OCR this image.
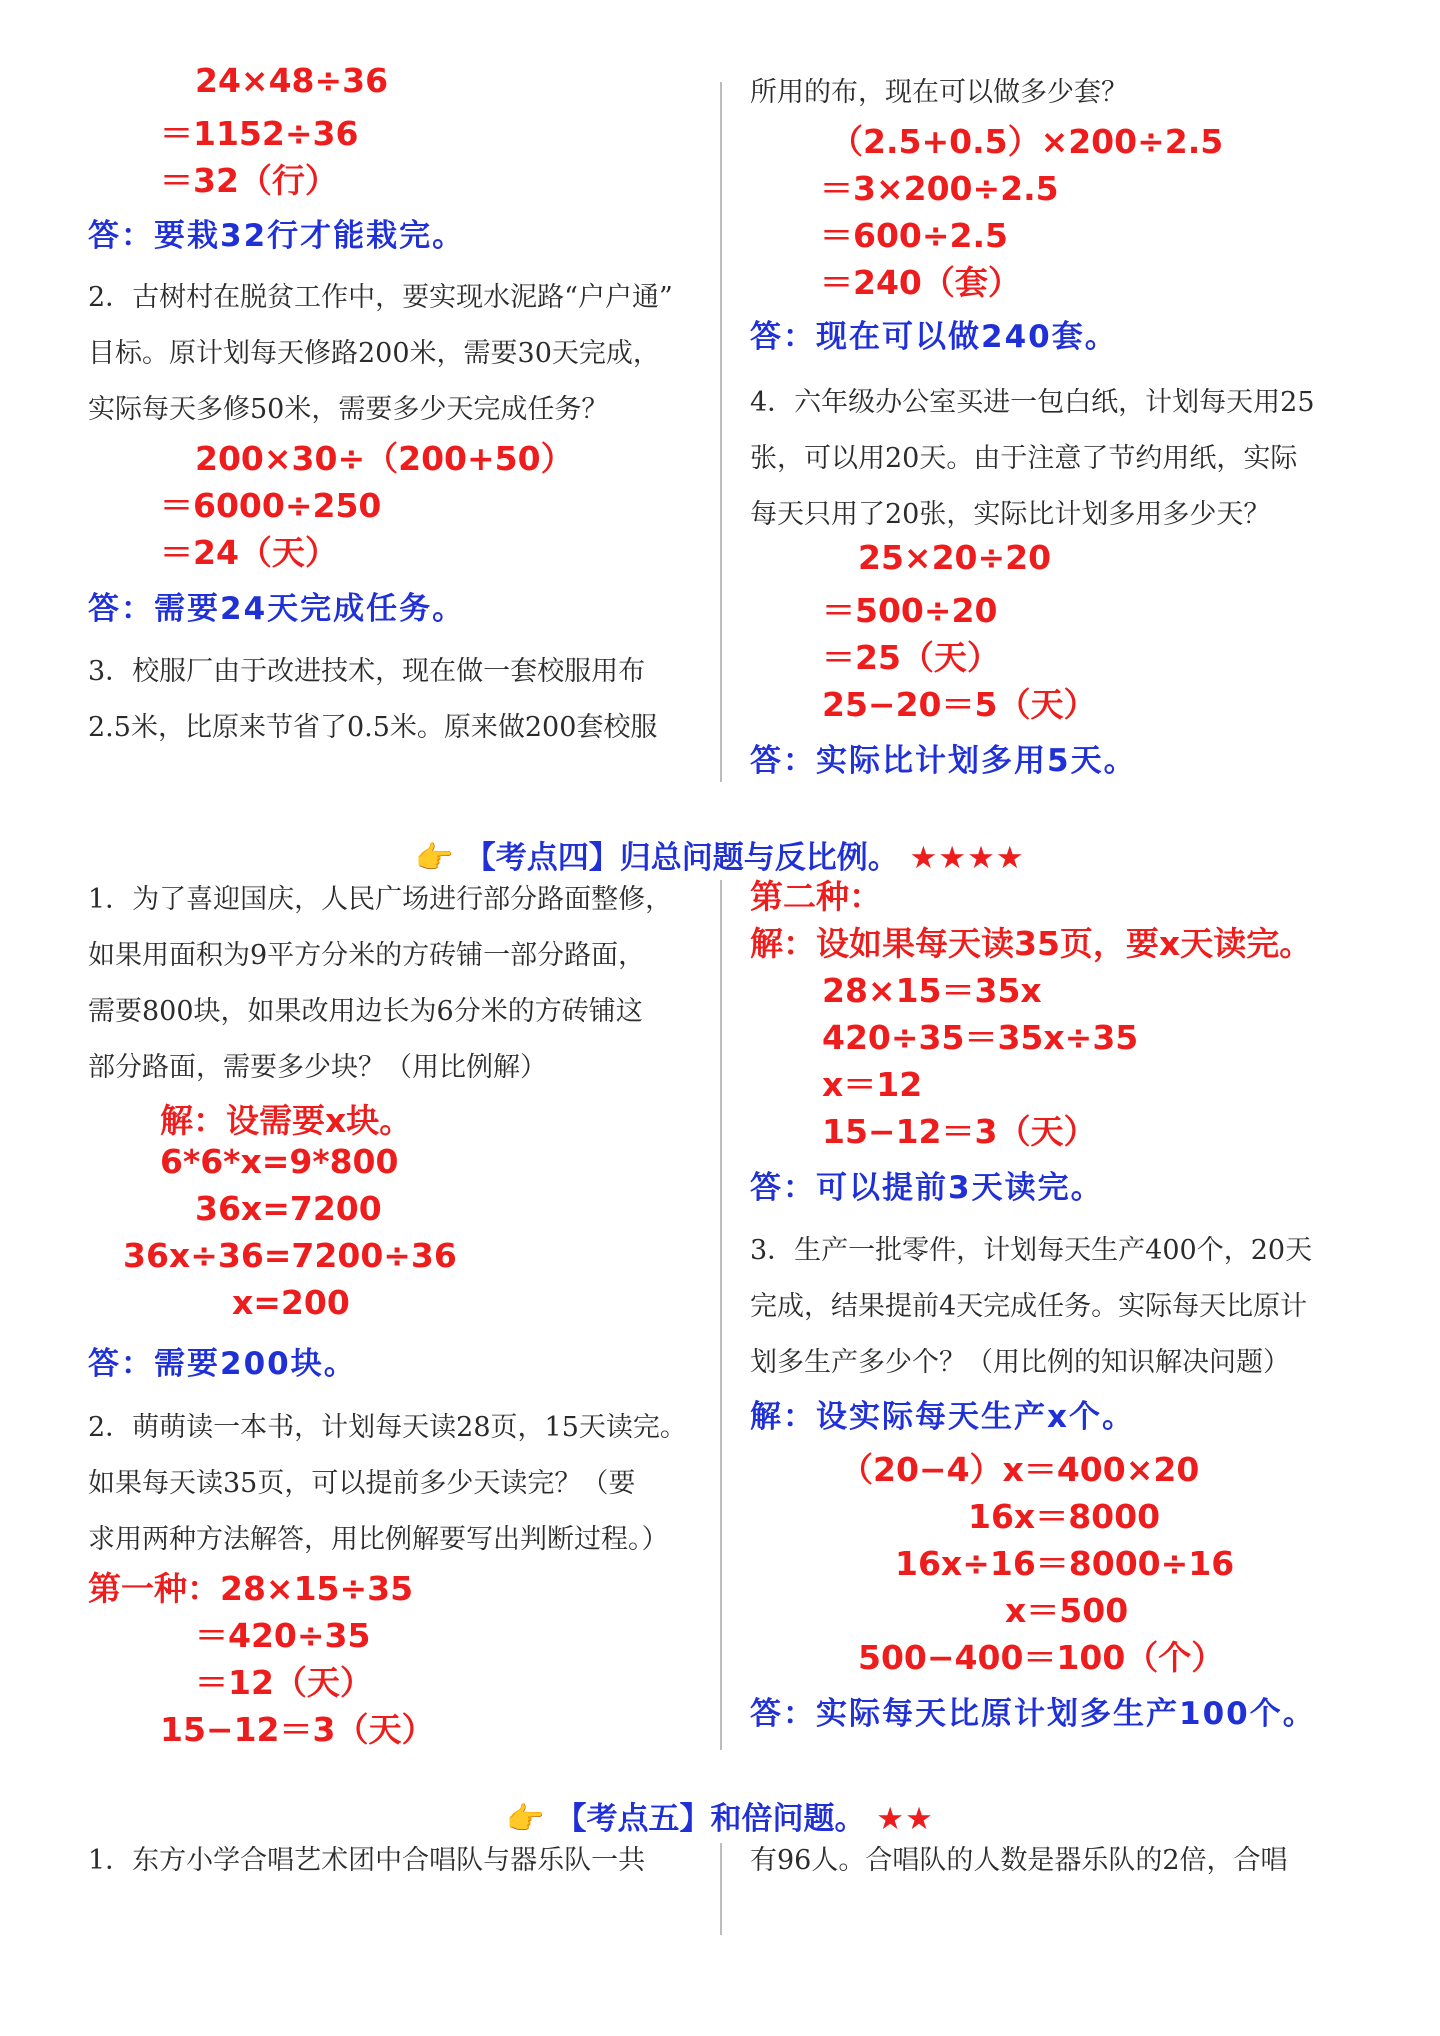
24×48÷36
＝1152÷36
＝32（行）
答：要栽32行才能栽完。
2．古树村在脱贫工作中，要实现水泥路“户户通”
目标。原计划每天修路200米，需要30天完成，
实际每天多修50米，需要多少天完成任务？
200×30÷（200+50）
＝6000÷250
＝24（天）
答：需要24天完成任务。
3．校服厂由于改进技术，现在做一套校服用布
2.5米，比原来节省了0.5米。原来做200套校服
所用的布，现在可以做多少套？
（2.5+0.5）×200÷2.5
＝3×200÷2.5
＝600÷2.5
＝240（套）
答：现在可以做240套。
4．六年级办公室买进一包白纸，计划每天用25
张，可以用20天。由于注意了节约用纸，实际
每天只用了20张，实际比计划多用多少天？
25×20÷20
＝500÷20
＝25（天）
25−20＝5（天）
答：实际比计划多用5天。
👉 【考点四】归总问题与反比例。 ★★★★
1．为了喜迎国庆，人民广场进行部分路面整修，
如果用面积为9平方分米的方砖铺一部分路面，
需要800块，如果改用边长为6分米的方砖铺这
部分路面，需要多少块？（用比例解）
解：设需要x块。
6*6*x=9*800
36x=7200
36x÷36=7200÷36
x=200
答：需要200块。
2．萌萌读一本书，计划每天读28页，15天读完。
如果每天读35页，可以提前多少天读完？（要
求用两种方法解答，用比例解要写出判断过程。）
第一种：28×15÷35
＝420÷35
＝12（天）
15−12＝3（天）
第二种：
解：设如果每天读35页，要x天读完。
28×15＝35x
420÷35＝35x÷35
x＝12
15−12＝3（天）
答：可以提前3天读完。
3．生产一批零件，计划每天生产400个，20天
完成，结果提前4天完成任务。实际每天比原计
划多生产多少个？（用比例的知识解决问题）
解：设实际每天生产x个。
（20−4）x＝400×20
16x＝8000
16x÷16＝8000÷16
x＝500
500−400＝100（个）
答：实际每天比原计划多生产100个。
👉 【考点五】和倍问题。 ★★
1．东方小学合唱艺术团中合唱队与器乐队一共	有96人。合唱队的人数是器乐队的2倍，合唱
